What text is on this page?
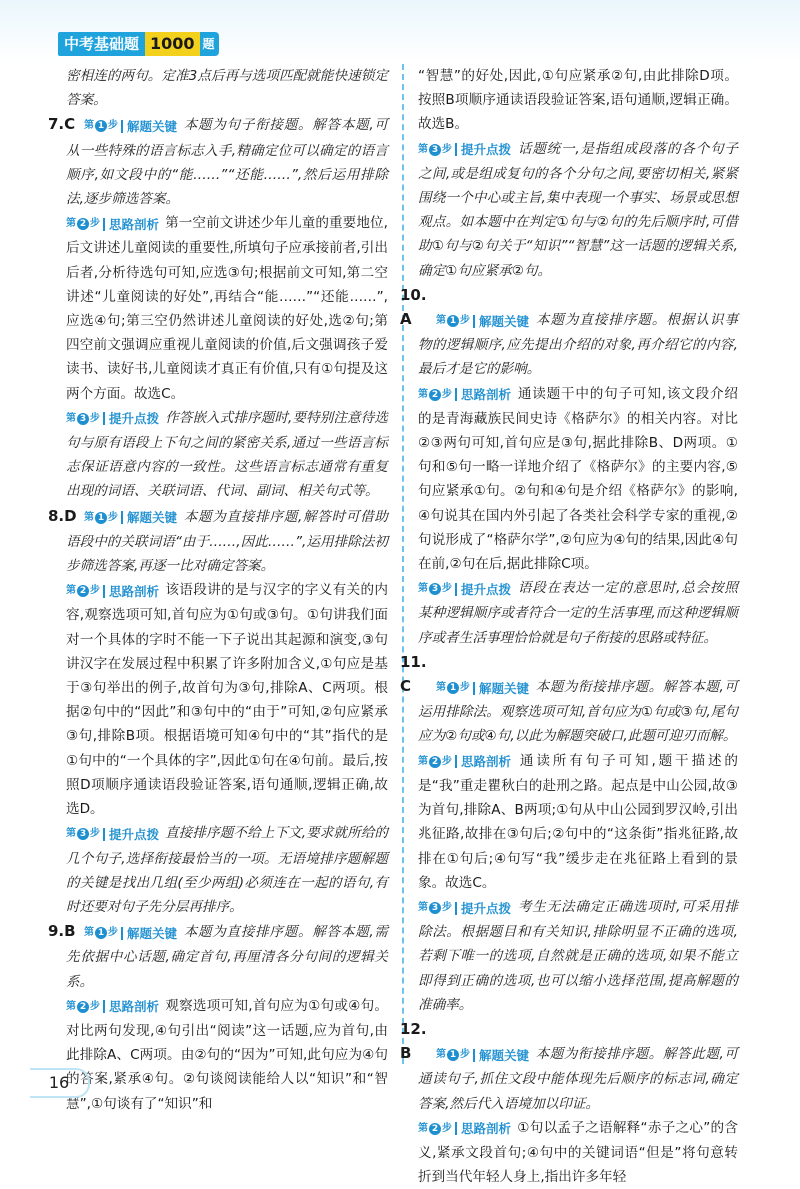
中考基础题 1000 题
密相连的两句。定准3点后再与选项匹配就能快速锁定答案。
7.C 第 1 步 解题关键 本题为句子衔接题。解答本题,可从一些特殊的语言标志入手,精确定位可以确定的语言顺序,如文段中的“能……”“还能……”,然后运用排除法,逐步筛选答案。
第 2 步 思路剖析 第一空前文讲述少年儿童的重要地位,后文讲述儿童阅读的重要性,所填句子应承接前者,引出后者,分析待选句可知,应选③句;根据前文可知,第二空讲述“儿童阅读的好处”,再结合“能……”“还能……”,应选④句;第三空仍然讲述儿童阅读的好处,选②句;第四空前文强调应重视儿童阅读的价值,后文强调孩子爱读书、读好书,儿童阅读才真正有价值,只有①句提及这两个方面。故选C。
第 3 步 提升点拨 作答嵌入式排序题时,要特别注意待选句与原有语段上下句之间的紧密关系,通过一些语言标志保证语意内容的一致性。这些语言标志通常有重复出现的词语、关联词语、代词、副词、相关句式等。
8.D 第 1 步 解题关键 本题为直接排序题,解答时可借助语段中的关联词语“由于……,因此……”,运用排除法初步筛选答案,再逐一比对确定答案。
第 2 步 思路剖析 该语段讲的是与汉字的字义有关的内容,观察选项可知,首句应为①句或③句。①句讲我们面对一个具体的字时不能一下子说出其起源和演变,③句讲汉字在发展过程中积累了许多附加含义,①句应是基于③句举出的例子,故首句为③句,排除A、C两项。根据②句中的“因此”和③句中的“由于”可知,②句应紧承③句,排除B项。根据语境可知④句中的“其”指代的是①句中的“一个具体的字”,因此①句在④句前。最后,按照D项顺序通读语段验证答案,语句通顺,逻辑正确,故选D。
第 3 步 提升点拨 直接排序题不给上下文,要求就所给的几个句子,选择衔接最恰当的一项。无语境排序题解题的关键是找出几组(至少两组)必须连在一起的语句,有时还要对句子先分层再排序。
9.B 第 1 步 解题关键 本题为直接排序题。解答本题,需先依据中心话题,确定首句,再厘清各分句间的逻辑关系。
第 2 步 思路剖析 观察选项可知,首句应为①句或④句。对比两句发现,④句引出“阅读”这一话题,应为首句,由此排除A、C两项。由②句的“因为”可知,此句应为④句的答案,紧承④句。②句谈阅读能给人以“知识”和“智慧”,①句谈有了“知识”和
“智慧”的好处,因此,①句应紧承②句,由此排除D项。按照B项顺序通读语段验证答案,语句通顺,逻辑正确。故选B。
第 3 步 提升点拨 话题统一,是指组成段落的各个句子之间,或是组成复句的各个分句之间,要密切相关,紧紧围绕一个中心或主旨,集中表现一个事实、场景或思想观点。如本题中在判定①句与②句的先后顺序时,可借助①句与②句关于“知识”“智慧”这一话题的逻辑关系,确定①句应紧承②句。
10.A 第 1 步 解题关键 本题为直接排序题。根据认识事物的逻辑顺序,应先提出介绍的对象,再介绍它的内容,最后才是它的影响。
第 2 步 思路剖析 通读题干中的句子可知,该文段介绍的是青海藏族民间史诗《格萨尔》的相关内容。对比②③两句可知,首句应是③句,据此排除B、D两项。①句和⑤句一略一详地介绍了《格萨尔》的主要内容,⑤句应紧承①句。②句和④句是介绍《格萨尔》的影响,④句说其在国内外引起了各类社会科学专家的重视,②句说形成了“格萨尔学”,②句应为④句的结果,因此④句在前,②句在后,据此排除C项。
第 3 步 提升点拨 语段在表达一定的意思时,总会按照某种逻辑顺序或者符合一定的生活事理,而这种逻辑顺序或者生活事理恰恰就是句子衔接的思路或特征。
11.C 第 1 步 解题关键 本题为衔接排序题。解答本题,可运用排除法。观察选项可知,首句应为①句或③句,尾句应为②句或④句,以此为解题突破口,此题可迎刃而解。
第 2 步 思路剖析 通读所有句子可知,题干描述的是“我”重走瞿秋白的赴刑之路。起点是中山公园,故③为首句,排除A、B两项;①句从中山公园到罗汉岭,引出兆征路,故排在③句后;②句中的“这条街”指兆征路,故排在①句后;④句写“我”缓步走在兆征路上看到的景象。故选C。
第 3 步 提升点拨 考生无法确定正确选项时,可采用排除法。根据题目和有关知识,排除明显不正确的选项,若剩下唯一的选项,自然就是正确的选项,如果不能立即得到正确的选项,也可以缩小选择范围,提高解题的准确率。
12.B 第 1 步 解题关键 本题为衔接排序题。解答此题,可通读句子,抓住文段中能体现先后顺序的标志词,确定答案,然后代入语境加以印证。
第 2 步 思路剖析 ①句以孟子之语解释“赤子之心”的含义,紧承文段首句;④句中的关键词语“但是”将句意转折到当代年轻人身上,指出许多年轻
16
